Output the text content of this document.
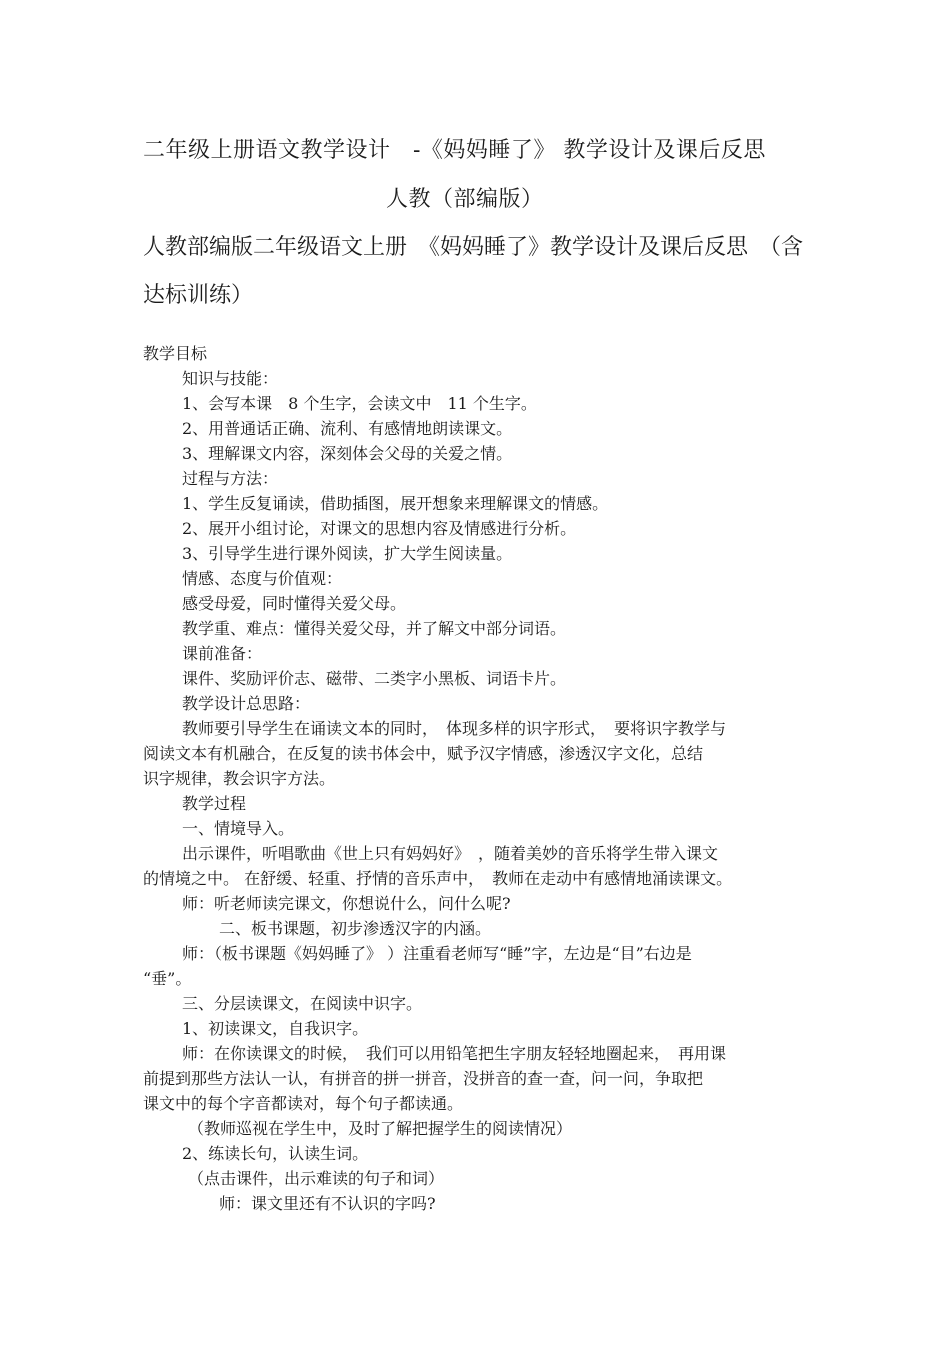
二年级上册语文教学设计　-《妈妈睡了》 教学设计及课后反思
人教（部编版）
人教部编版二年级语文上册　《妈妈睡了》教学设计及课后反思　（含
达标训练）
教学目标
知识与技能：
1、会写本课　8 个生字，会读文中　11 个生字。
2、用普通话正确、流利、有感情地朗读课文。
3、理解课文内容，深刻体会父母的关爱之情。
过程与方法：
1、学生反复诵读，借助插图，展开想象来理解课文的情感。
2、展开小组讨论，对课文的思想内容及情感进行分析。
3、引导学生进行课外阅读，扩大学生阅读量。
情感、态度与价值观：
感受母爱，同时懂得关爱父母。
教学重、难点：懂得关爱父母，并了解文中部分词语。
课前准备：
课件、奖励评价志、磁带、二类字小黑板、词语卡片。
教学设计总思路：
教师要引导学生在诵读文本的同时，　体现多样的识字形式，　要将识字教学与
阅读文本有机融合，在反复的读书体会中，赋予汉字情感，渗透汉字文化，总结
识字规律，教会识字方法。
教学过程
一、情境导入。
出示课件，听唱歌曲《世上只有妈妈好》　，随着美妙的音乐将学生带入课文
的情境之中。 在舒缓、轻重、抒情的音乐声中，　教师在走动中有感情地涌读课文。
师：听老师读完课文，你想说什么，问什么呢?
二、板书课题，初步渗透汉字的内涵。
师：（板书课题《妈妈睡了》 ）注重看老师写“睡”字，左边是“目”右边是
“垂”。
三、分层读课文，在阅读中识字。
1、初读课文，自我识字。
师：在你读课文的时候，　我们可以用铅笔把生字朋友轻轻地圈起来，　再用课
前提到那些方法认一认，有拼音的拼一拼音，没拼音的查一查，问一问，争取把
课文中的每个字音都读对，每个句子都读通。
（教师巡视在学生中，及时了解把握学生的阅读情况）
2、练读长句，认读生词。
（点击课件，出示难读的句子和词）
师：课文里还有不认识的字吗?
